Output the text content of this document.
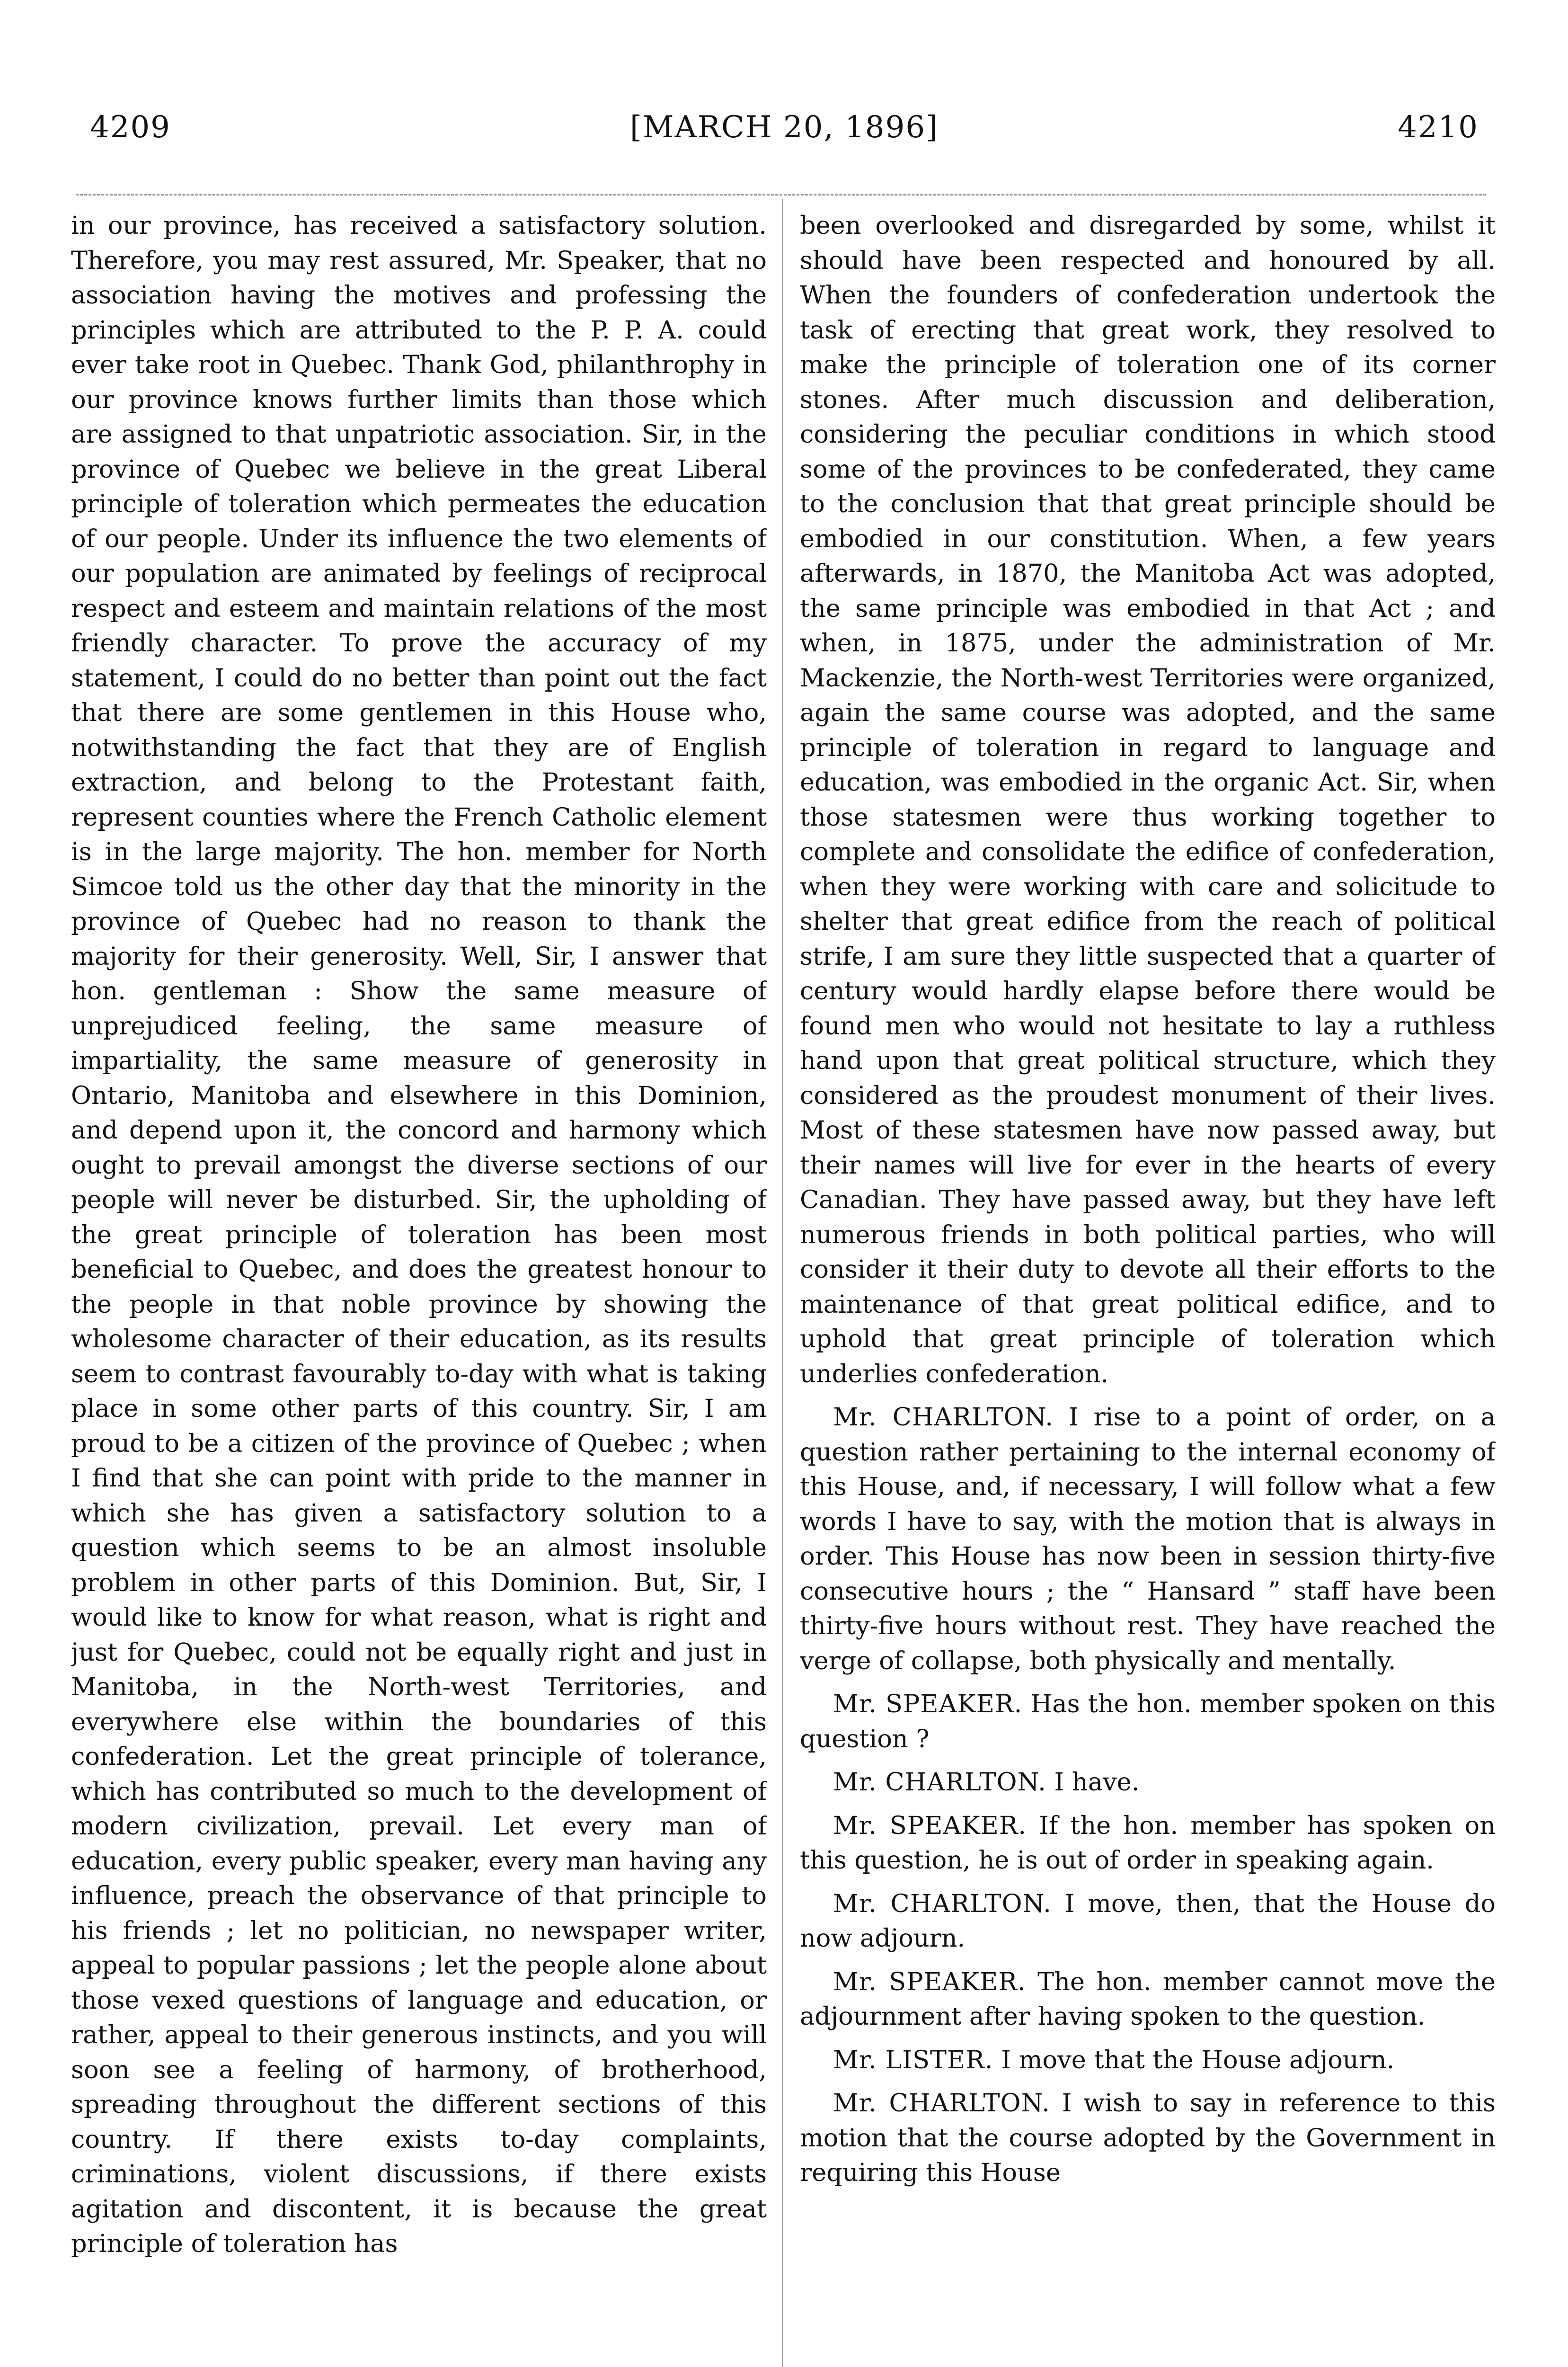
4209	[MARCH 20, 1896]	4210

in our province, has received a satisfactory solution. Therefore, you may rest assured, Mr. Speaker, that no association having the motives and professing the principles which are attributed to the P. P. A. could ever take root in Quebec. Thank God, philanthrophy in our province knows further limits than those which are assigned to that unpatriotic association. Sir, in the province of Quebec we believe in the great Liberal principle of toleration which permeates the education of our people. Under its influence the two elements of our population are animated by feelings of reciprocal respect and esteem and maintain relations of the most friendly character. To prove the accuracy of my statement, I could do no better than point out the fact that there are some gentlemen in this House who, notwithstanding the fact that they are of English extraction, and belong to the Protestant faith, represent counties where the French Catholic element is in the large majority. The hon. member for North Simcoe told us the other day that the minority in the province of Quebec had no reason to thank the majority for their generosity. Well, Sir, I answer that hon. gentleman : Show the same measure of unprejudiced feeling, the same measure of impartiality, the same measure of generosity in Ontario, Manitoba and elsewhere in this Dominion, and depend upon it, the concord and harmony which ought to prevail amongst the diverse sections of our people will never be disturbed. Sir, the upholding of the great principle of toleration has been most beneficial to Quebec, and does the greatest honour to the people in that noble province by showing the wholesome character of their education, as its results seem to contrast favourably to-day with what is taking place in some other parts of this country. Sir, I am proud to be a citizen of the province of Quebec ; when I find that she can point with pride to the manner in which she has given a satisfactory solution to a question which seems to be an almost insoluble problem in other parts of this Dominion. But, Sir, I would like to know for what reason, what is right and just for Quebec, could not be equally right and just in Manitoba, in the North-west Territories, and everywhere else within the boundaries of this confederation. Let the great principle of tolerance, which has contributed so much to the development of modern civilization, prevail. Let every man of education, every public speaker, every man having any influence, preach the observance of that principle to his friends ; let no politician, no newspaper writer, appeal to popular passions ; let the people alone about those vexed questions of language and education, or rather, appeal to their generous instincts, and you will soon see a feeling of harmony, of brotherhood, spreading throughout the different sections of this country. If there exists to-day complaints, criminations, violent discussions, if there exists agitation and discontent, it is because the great principle of toleration has

been overlooked and disregarded by some, whilst it should have been respected and honoured by all. When the founders of confederation undertook the task of erecting that great work, they resolved to make the principle of toleration one of its corner stones. After much discussion and deliberation, considering the peculiar conditions in which stood some of the provinces to be confederated, they came to the conclusion that that great principle should be embodied in our constitution. When, a few years afterwards, in 1870, the Manitoba Act was adopted, the same principle was embodied in that Act ; and when, in 1875, under the administration of Mr. Mackenzie, the North-west Territories were organized, again the same course was adopted, and the same principle of toleration in regard to language and education, was embodied in the organic Act. Sir, when those statesmen were thus working together to complete and consolidate the edifice of confederation, when they were working with care and solicitude to shelter that great edifice from the reach of political strife, I am sure they little suspected that a quarter of century would hardly elapse before there would be found men who would not hesitate to lay a ruthless hand upon that great political structure, which they considered as the proudest monument of their lives. Most of these statesmen have now passed away, but their names will live for ever in the hearts of every Canadian. They have passed away, but they have left numerous friends in both political parties, who will consider it their duty to devote all their efforts to the maintenance of that great political edifice, and to uphold that great principle of toleration which underlies confederation.

Mr. CHARLTON. I rise to a point of order, on a question rather pertaining to the internal economy of this House, and, if necessary, I will follow what a few words I have to say, with the motion that is always in order. This House has now been in session thirty-five consecutive hours ; the “ Hansard ” staff have been thirty-five hours without rest. They have reached the verge of collapse, both physically and mentally.

Mr. SPEAKER. Has the hon. member spoken on this question ?

Mr. CHARLTON. I have.

Mr. SPEAKER. If the hon. member has spoken on this question, he is out of order in speaking again.

Mr. CHARLTON. I move, then, that the House do now adjourn.

Mr. SPEAKER. The hon. member cannot move the adjournment after having spoken to the question.

Mr. LISTER. I move that the House adjourn.

Mr. CHARLTON. I wish to say in reference to this motion that the course adopted by the Government in requiring this House
